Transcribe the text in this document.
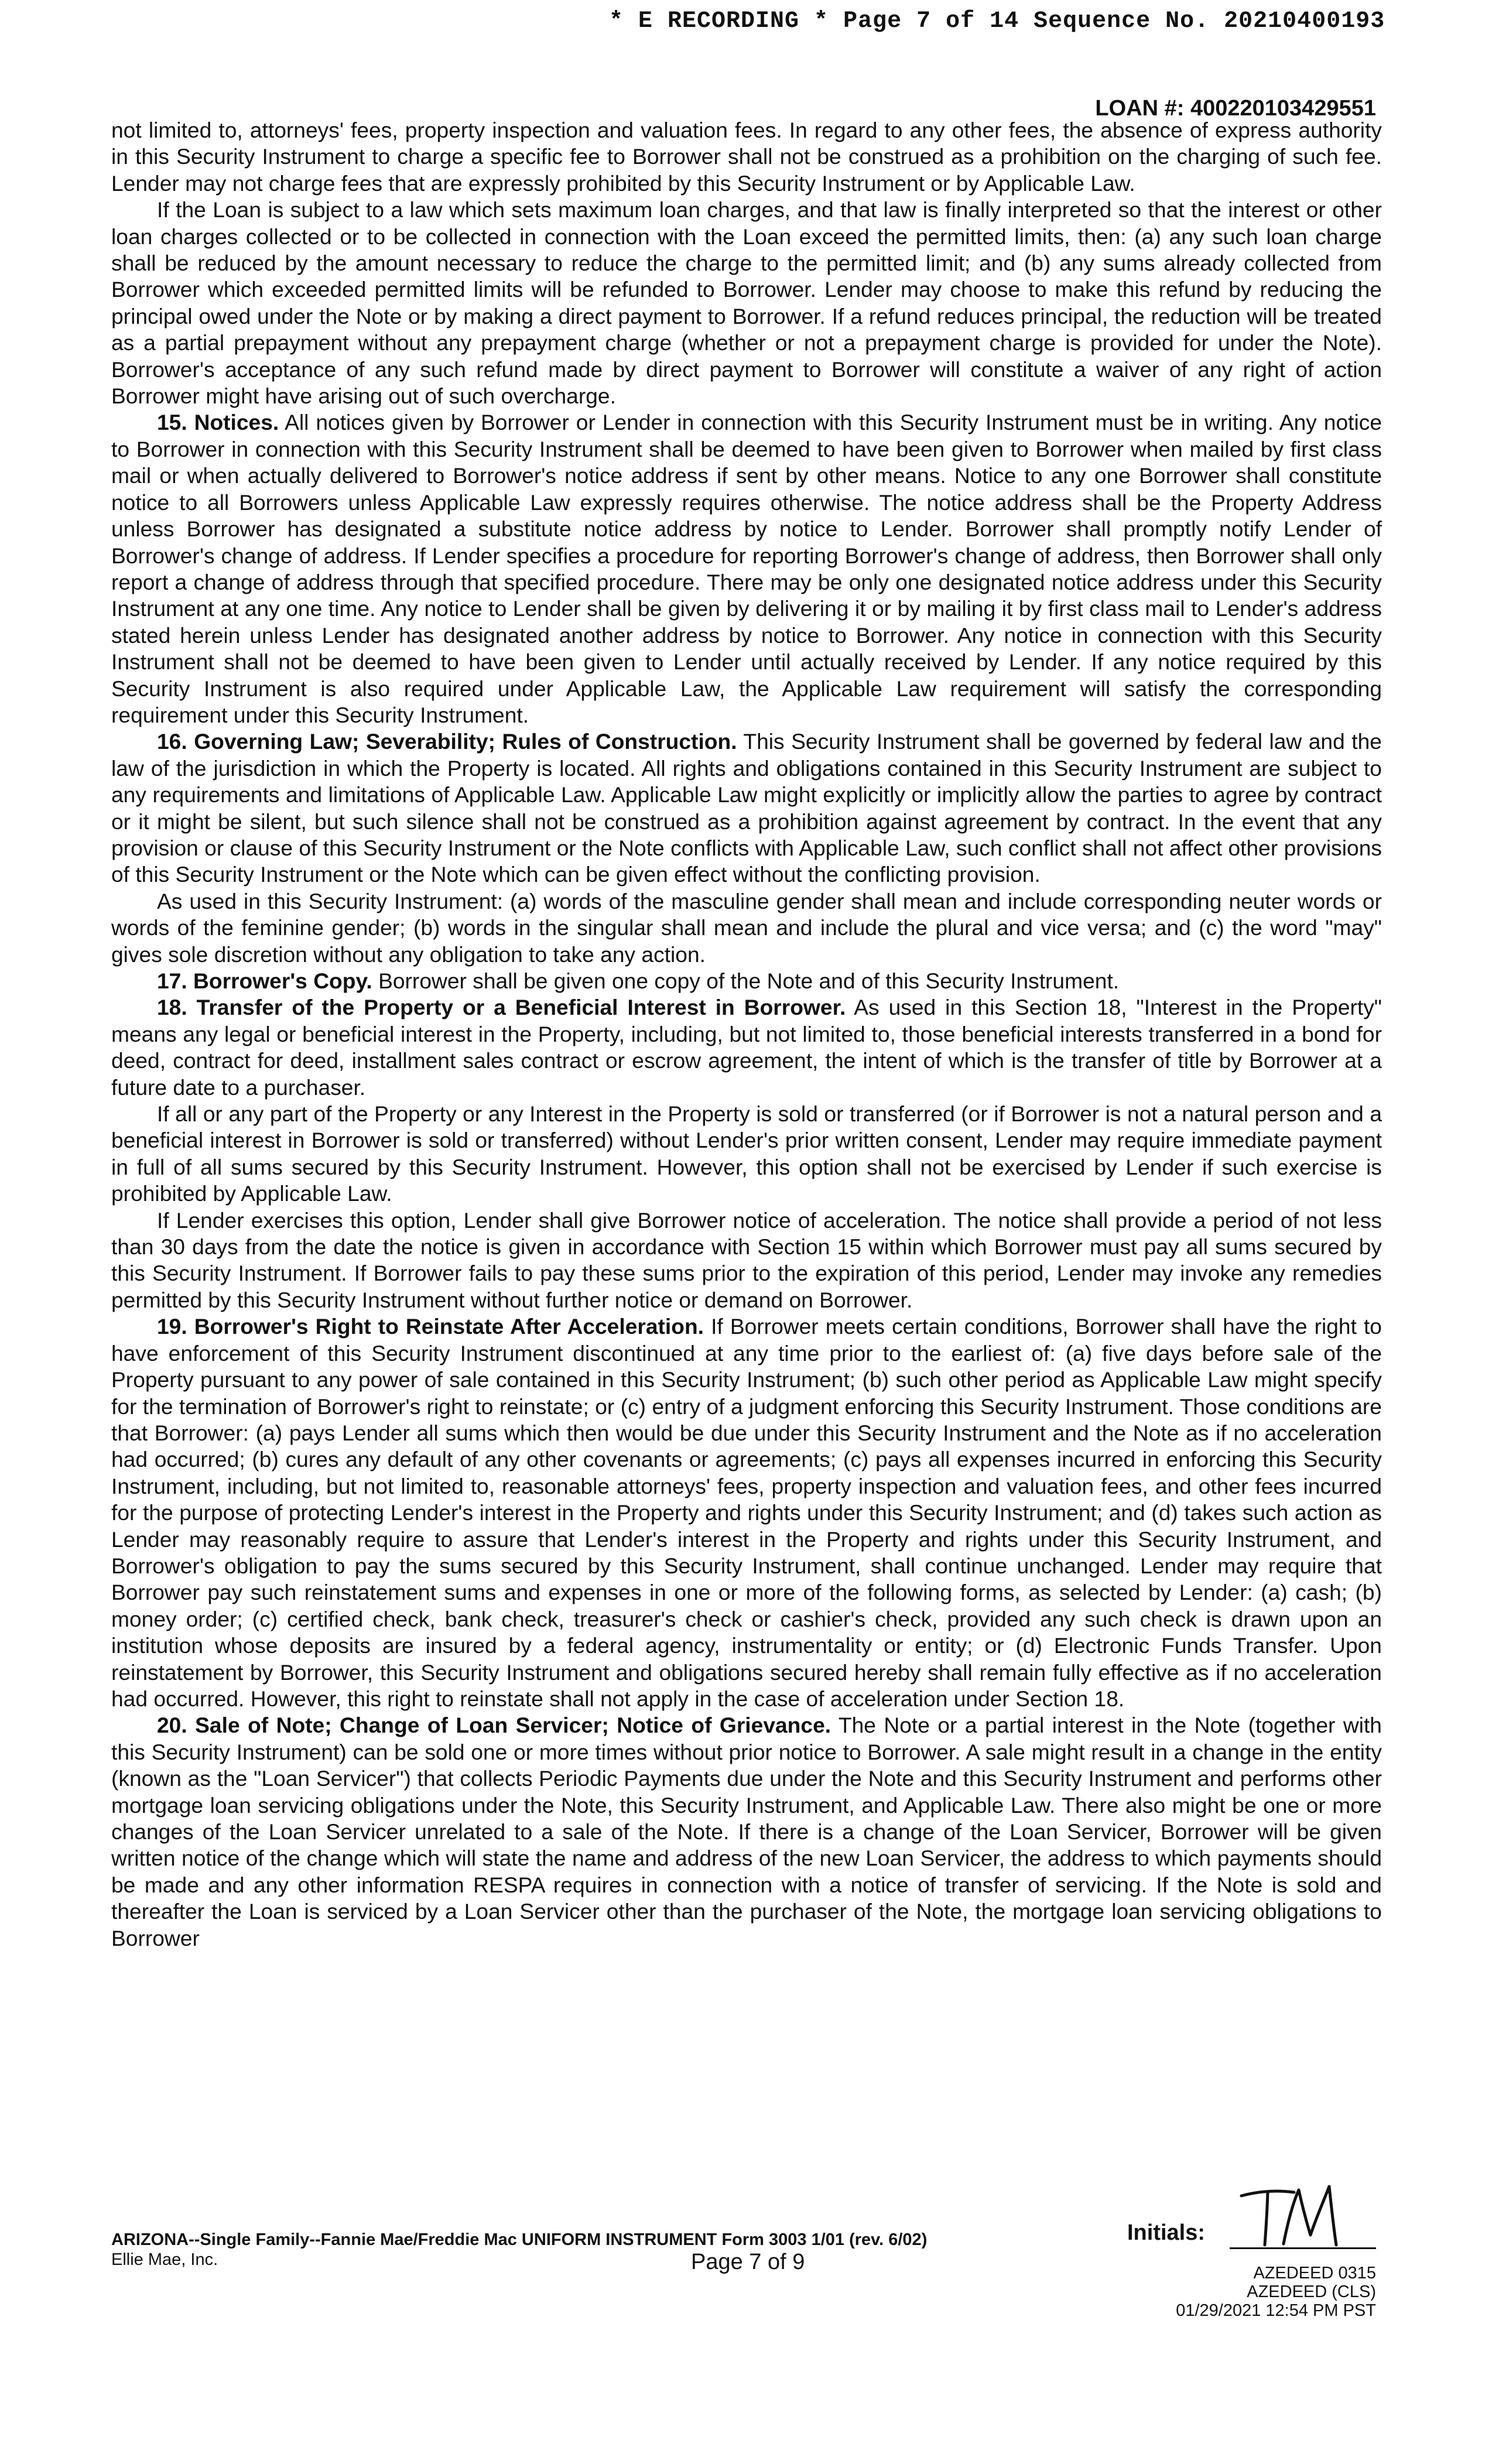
* E RECORDING * Page 7 of 14 Sequence No. 20210400193
LOAN #: 400220103429551

not limited to, attorneys' fees, property inspection and valuation fees. In regard to any other fees, the absence of express authority in this Security Instrument to charge a specific fee to Borrower shall not be construed as a prohibition on the charging of such fee. Lender may not charge fees that are expressly prohibited by this Security Instrument or by Applicable Law.

If the Loan is subject to a law which sets maximum loan charges, and that law is finally interpreted so that the interest or other loan charges collected or to be collected in connection with the Loan exceed the permitted limits, then: (a) any such loan charge shall be reduced by the amount necessary to reduce the charge to the permitted limit; and (b) any sums already collected from Borrower which exceeded permitted limits will be refunded to Borrower. Lender may choose to make this refund by reducing the principal owed under the Note or by making a direct payment to Borrower. If a refund reduces principal, the reduction will be treated as a partial prepayment without any prepayment charge (whether or not a prepayment charge is provided for under the Note). Borrower's acceptance of any such refund made by direct payment to Borrower will constitute a waiver of any right of action Borrower might have arising out of such overcharge.

15. Notices. All notices given by Borrower or Lender in connection with this Security Instrument must be in writing. Any notice to Borrower in connection with this Security Instrument shall be deemed to have been given to Borrower when mailed by first class mail or when actually delivered to Borrower's notice address if sent by other means. Notice to any one Borrower shall constitute notice to all Borrowers unless Applicable Law expressly requires otherwise. The notice address shall be the Property Address unless Borrower has designated a substitute notice address by notice to Lender. Borrower shall promptly notify Lender of Borrower's change of address. If Lender specifies a procedure for reporting Borrower's change of address, then Borrower shall only report a change of address through that specified procedure. There may be only one designated notice address under this Security Instrument at any one time. Any notice to Lender shall be given by delivering it or by mailing it by first class mail to Lender's address stated herein unless Lender has designated another address by notice to Borrower. Any notice in connection with this Security Instrument shall not be deemed to have been given to Lender until actually received by Lender. If any notice required by this Security Instrument is also required under Applicable Law, the Applicable Law requirement will satisfy the corresponding requirement under this Security Instrument.

16. Governing Law; Severability; Rules of Construction. This Security Instrument shall be governed by federal law and the law of the jurisdiction in which the Property is located. All rights and obligations contained in this Security Instrument are subject to any requirements and limitations of Applicable Law. Applicable Law might explicitly or implicitly allow the parties to agree by contract or it might be silent, but such silence shall not be construed as a prohibition against agreement by contract. In the event that any provision or clause of this Security Instrument or the Note conflicts with Applicable Law, such conflict shall not affect other provisions of this Security Instrument or the Note which can be given effect without the conflicting provision.

As used in this Security Instrument: (a) words of the masculine gender shall mean and include corresponding neuter words or words of the feminine gender; (b) words in the singular shall mean and include the plural and vice versa; and (c) the word "may" gives sole discretion without any obligation to take any action.

17. Borrower's Copy. Borrower shall be given one copy of the Note and of this Security Instrument.

18. Transfer of the Property or a Beneficial Interest in Borrower. As used in this Section 18, "Interest in the Property" means any legal or beneficial interest in the Property, including, but not limited to, those beneficial interests transferred in a bond for deed, contract for deed, installment sales contract or escrow agreement, the intent of which is the transfer of title by Borrower at a future date to a purchaser.

If all or any part of the Property or any Interest in the Property is sold or transferred (or if Borrower is not a natural person and a beneficial interest in Borrower is sold or transferred) without Lender's prior written consent, Lender may require immediate payment in full of all sums secured by this Security Instrument. However, this option shall not be exercised by Lender if such exercise is prohibited by Applicable Law.

If Lender exercises this option, Lender shall give Borrower notice of acceleration. The notice shall provide a period of not less than 30 days from the date the notice is given in accordance with Section 15 within which Borrower must pay all sums secured by this Security Instrument. If Borrower fails to pay these sums prior to the expiration of this period, Lender may invoke any remedies permitted by this Security Instrument without further notice or demand on Borrower.

19. Borrower's Right to Reinstate After Acceleration. If Borrower meets certain conditions, Borrower shall have the right to have enforcement of this Security Instrument discontinued at any time prior to the earliest of: (a) five days before sale of the Property pursuant to any power of sale contained in this Security Instrument; (b) such other period as Applicable Law might specify for the termination of Borrower's right to reinstate; or (c) entry of a judgment enforcing this Security Instrument. Those conditions are that Borrower: (a) pays Lender all sums which then would be due under this Security Instrument and the Note as if no acceleration had occurred; (b) cures any default of any other covenants or agreements; (c) pays all expenses incurred in enforcing this Security Instrument, including, but not limited to, reasonable attorneys' fees, property inspection and valuation fees, and other fees incurred for the purpose of protecting Lender's interest in the Property and rights under this Security Instrument; and (d) takes such action as Lender may reasonably require to assure that Lender's interest in the Property and rights under this Security Instrument, and Borrower's obligation to pay the sums secured by this Security Instrument, shall continue unchanged. Lender may require that Borrower pay such reinstatement sums and expenses in one or more of the following forms, as selected by Lender: (a) cash; (b) money order; (c) certified check, bank check, treasurer's check or cashier's check, provided any such check is drawn upon an institution whose deposits are insured by a federal agency, instrumentality or entity; or (d) Electronic Funds Transfer. Upon reinstatement by Borrower, this Security Instrument and obligations secured hereby shall remain fully effective as if no acceleration had occurred. However, this right to reinstate shall not apply in the case of acceleration under Section 18.

20. Sale of Note; Change of Loan Servicer; Notice of Grievance. The Note or a partial interest in the Note (together with this Security Instrument) can be sold one or more times without prior notice to Borrower. A sale might result in a change in the entity (known as the "Loan Servicer") that collects Periodic Payments due under the Note and this Security Instrument and performs other mortgage loan servicing obligations under the Note, this Security Instrument, and Applicable Law. There also might be one or more changes of the Loan Servicer unrelated to a sale of the Note. If there is a change of the Loan Servicer, Borrower will be given written notice of the change which will state the name and address of the new Loan Servicer, the address to which payments should be made and any other information RESPA requires in connection with a notice of transfer of servicing. If the Note is sold and thereafter the Loan is serviced by a Loan Servicer other than the purchaser of the Note, the mortgage loan servicing obligations to Borrower

ARIZONA--Single Family--Fannie Mae/Freddie Mac UNIFORM INSTRUMENT Form 3003 1/01 (rev. 6/02)
Ellie Mae, Inc.	Page 7 of 9
Initials:
AZEDEED 0315
AZEDEED (CLS)
01/29/2021 12:54 PM PST
